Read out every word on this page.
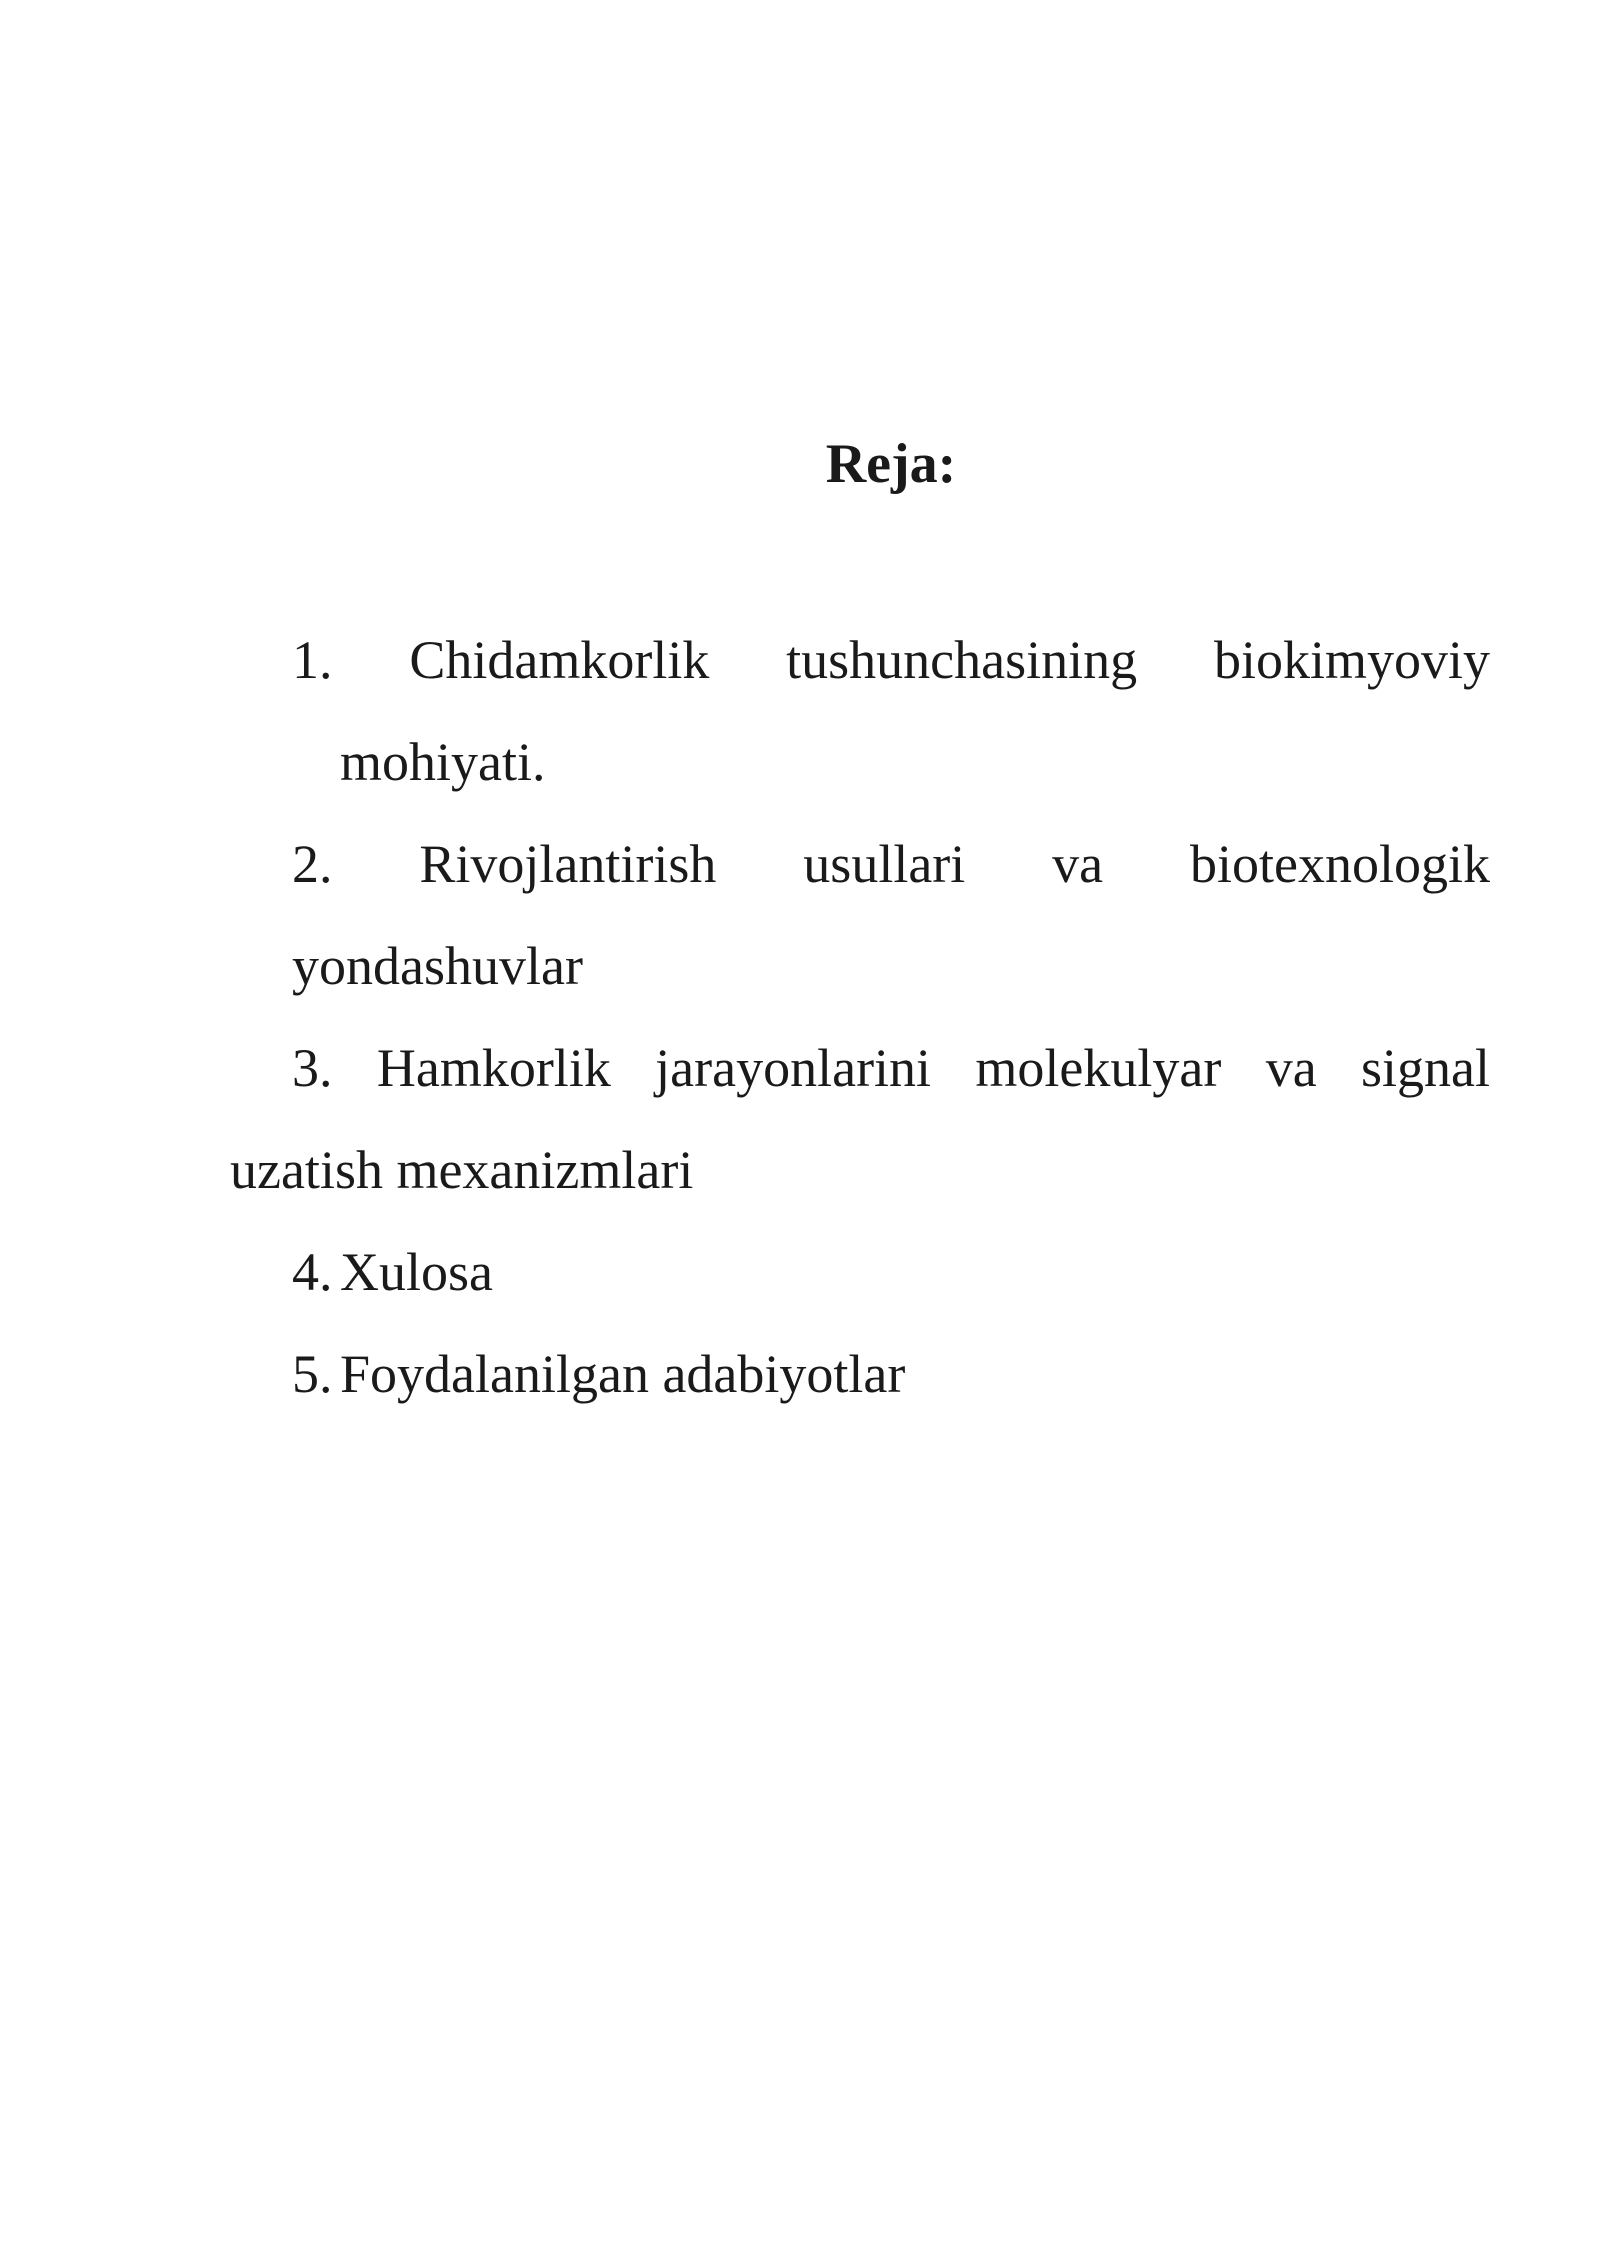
Reja:

1. Chidamkorlik tushunchasining biokimyoviy

mohiyati.

2. Rivojlantirish usullari va biotexnologik

yondashuvlar

3. Hamkorlik jarayonlarini molekulyar va signal

uzatish mexanizmlari

4. Xulosa

5. Foydalanilgan adabiyotlar
